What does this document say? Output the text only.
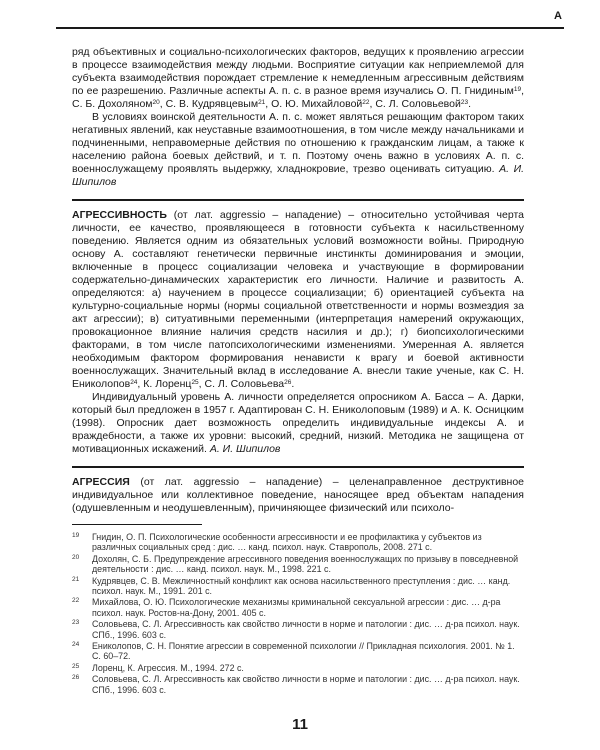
А

ряд объективных и социально-психологических факторов, ведущих к проявлению агрессии в процессе взаимодействия между людьми. Восприятие ситуации как неприемлемой для субъекта взаимодействия порождает стремление к немедленным агрессивным действиям по ее разрешению. Различные аспекты А. п. с. в разное время изучались О. П. Гнидиным$^{19}$, С. Б. Дохоляном$^{20}$, С. В. Кудрявцевым$^{21}$, О. Ю. Михайловой$^{22}$, С. Л. Соловьевой$^{23}$.

В условиях воинской деятельности А. п. с. может являться решающим фактором таких негативных явлений, как неуставные взаимоотношения, в том числе между начальниками и подчиненными, неправомерные действия по отношению к гражданским лицам, а также к населению района боевых действий, и т. п. Поэтому очень важно в условиях А. п. с. военнослужащему проявлять выдержку, хладнокровие, трезво оценивать ситуацию. А. И. Шипилов

АГРЕССИВНОСТЬ (от лат. aggressio – нападение) – относительно устойчивая черта личности, ее качество, проявляющееся в готовности субъекта к насильственному поведению. Является одним из обязательных условий возможности войны. Природную основу А. составляют генетически первичные инстинкты доминирования и эмоции, включенные в процесс социализации человека и участвующие в формировании содержательно-динамических характеристик его личности. Наличие и развитость А. определяются: а) научением в процессе социализации; б) ориентацией субъекта на культурно-социальные нормы (нормы социальной ответственности и нормы возмездия за акт агрессии); в) ситуативными переменными (интерпретация намерений окружающих, провокационное влияние наличия средств насилия и др.); г) биопсихологическими факторами, в том числе патопсихологическими изменениями. Умеренная А. является необходимым фактором формирования ненависти к врагу и боевой активности военнослужащих. Значительный вклад в исследование А. внесли такие ученые, как С. Н. Ениколопов$^{24}$, К. Лоренц$^{25}$, С. Л. Соловьева$^{26}$.

Индивидуальный уровень А. личности определяется опросником А. Басса – А. Дарки, который был предложен в 1957 г. Адаптирован С. Н. Ениколоповым (1989) и А. К. Осницким (1998). Опросник дает возможность определить индивидуальные индексы А. и враждебности, а также их уровни: высокий, средний, низкий. Методика не защищена от мотивационных искажений. А. И. Шипилов

АГРЕССИЯ (от лат. aggressio – нападение) – целенаправленное деструктивное индивидуальное или коллективное поведение, наносящее вред объектам нападения (одушевленным и неодушевленным), причиняющее физический или психоло-

19 Гнидин, О. П. Психологические особенности агрессивности и ее профилактика у субъектов из различных социальных сред : дис. … канд. психол. наук. Ставрополь, 2008. 271 с.
20 Дохолян, С. Б. Предупреждение агрессивного поведения военнослужащих по призыву в повседневной деятельности : дис. … канд. психол. наук. М., 1998. 221 с.
21 Кудрявцев, С. В. Межличностный конфликт как основа насильственного преступления : дис. … канд. психол. наук. М., 1991. 201 с.
22 Михайлова, О. Ю. Психологические механизмы криминальной сексуальной агрессии : дис. … д-ра психол. наук. Ростов-на-Дону, 2001. 405 с.
23 Соловьева, С. Л. Агрессивность как свойство личности в норме и патологии : дис. … д-ра психол. наук. СПб., 1996. 603 с.
24 Ениколопов, С. Н. Понятие агрессии в современной психологии // Прикладная психология. 2001. № 1. С. 60–72.
25 Лоренц, К. Агрессия. М., 1994. 272 с.
26 Соловьева, С. Л. Агрессивность как свойство личности в норме и патологии : дис. … д-ра психол. наук. СПб., 1996. 603 с.
11
